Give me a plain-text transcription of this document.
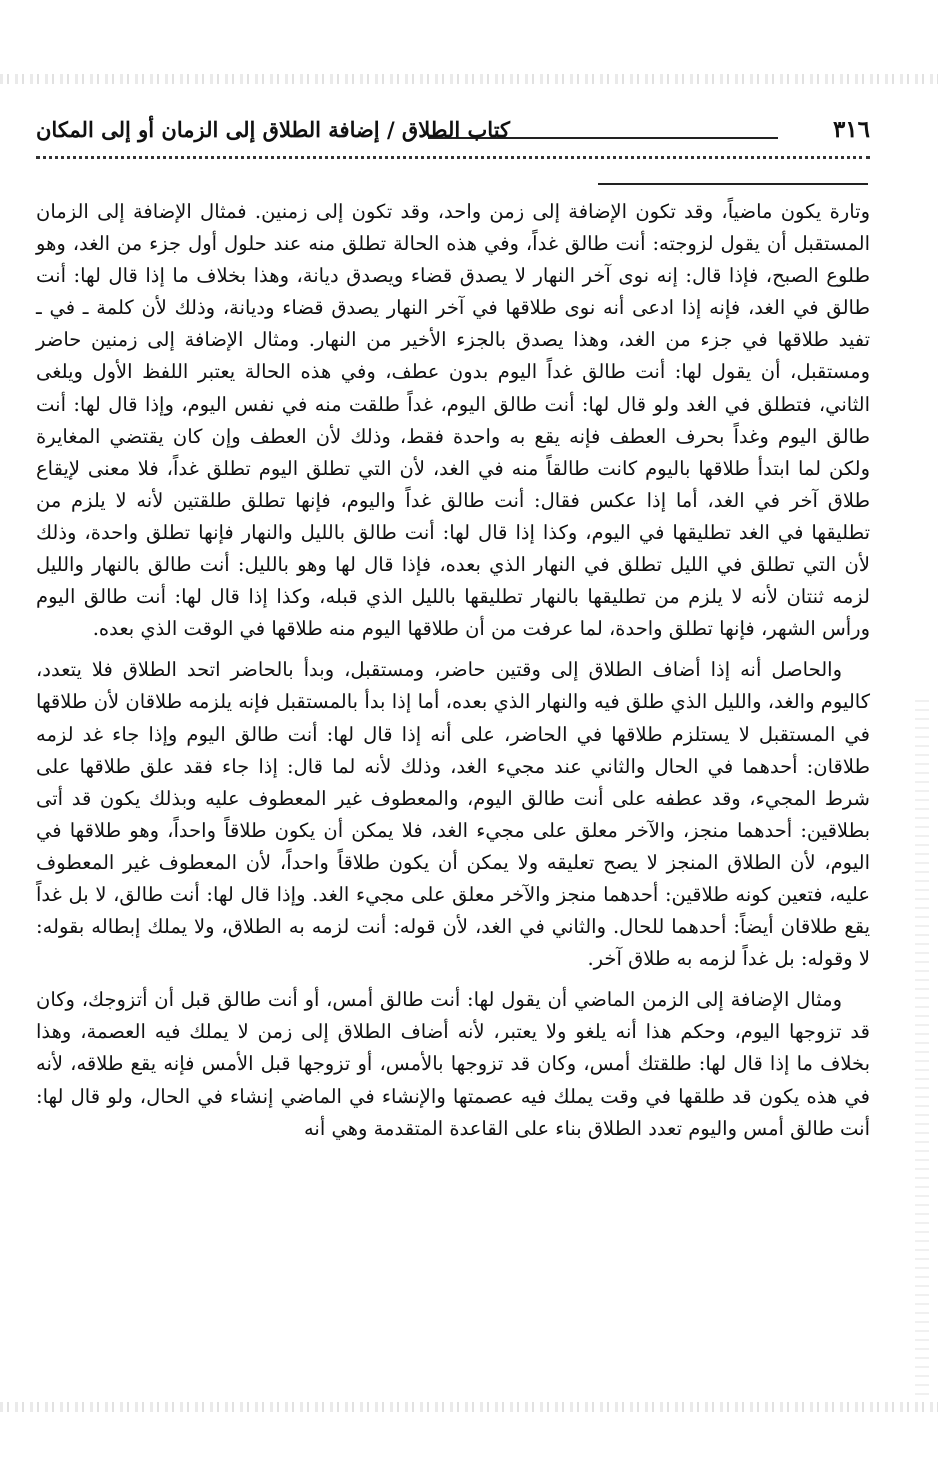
٣١٦
كتاب الطلاق / إضافة الطلاق إلى الزمان أو إلى المكان

وتارة يكون ماضياً، وقد تكون الإضافة إلى زمن واحد، وقد تكون إلى زمنين. فمثال الإضافة إلى الزمان المستقبل أن يقول لزوجته: أنت طالق غداً، وفي هذه الحالة تطلق منه عند حلول أول جزء من الغد، وهو طلوع الصبح، فإذا قال: إنه نوى آخر النهار لا يصدق قضاء ويصدق ديانة، وهذا بخلاف ما إذا قال لها: أنت طالق في الغد، فإنه إذا ادعى أنه نوى طلاقها في آخر النهار يصدق قضاء وديانة، وذلك لأن كلمة ـ في ـ تفيد طلاقها في جزء من الغد، وهذا يصدق بالجزء الأخير من النهار. ومثال الإضافة إلى زمنين حاضر ومستقبل، أن يقول لها: أنت طالق غداً اليوم بدون عطف، وفي هذه الحالة يعتبر اللفظ الأول ويلغى الثاني، فتطلق في الغد ولو قال لها: أنت طالق اليوم، غداً طلقت منه في نفس اليوم، وإذا قال لها: أنت طالق اليوم وغداً بحرف العطف فإنه يقع به واحدة فقط، وذلك لأن العطف وإن كان يقتضي المغايرة ولكن لما ابتدأ طلاقها باليوم كانت طالقاً منه في الغد، لأن التي تطلق اليوم تطلق غداً، فلا معنى لإيقاع طلاق آخر في الغد، أما إذا عكس فقال: أنت طالق غداً واليوم، فإنها تطلق طلقتين لأنه لا يلزم من تطليقها في الغد تطليقها في اليوم، وكذا إذا قال لها: أنت طالق بالليل والنهار فإنها تطلق واحدة، وذلك لأن التي تطلق في الليل تطلق في النهار الذي بعده، فإذا قال لها وهو بالليل: أنت طالق بالنهار والليل لزمه ثنتان لأنه لا يلزم من تطليقها بالنهار تطليقها بالليل الذي قبله، وكذا إذا قال لها: أنت طالق اليوم ورأس الشهر، فإنها تطلق واحدة، لما عرفت من أن طلاقها اليوم منه طلاقها في الوقت الذي بعده.

والحاصل أنه إذا أضاف الطلاق إلى وقتين حاضر، ومستقبل، وبدأ بالحاضر اتحد الطلاق فلا يتعدد، كاليوم والغد، والليل الذي طلق فيه والنهار الذي بعده، أما إذا بدأ بالمستقبل فإنه يلزمه طلاقان لأن طلاقها في المستقبل لا يستلزم طلاقها في الحاضر، على أنه إذا قال لها: أنت طالق اليوم وإذا جاء غد لزمه طلاقان: أحدهما في الحال والثاني عند مجيء الغد، وذلك لأنه لما قال: إذا جاء فقد علق طلاقها على شرط المجيء، وقد عطفه على أنت طالق اليوم، والمعطوف غير المعطوف عليه وبذلك يكون قد أتى بطلاقين: أحدهما منجز، والآخر معلق على مجيء الغد، فلا يمكن أن يكون طلاقاً واحداً، وهو طلاقها في اليوم، لأن الطلاق المنجز لا يصح تعليقه ولا يمكن أن يكون طلاقاً واحداً، لأن المعطوف غير المعطوف عليه، فتعين كونه طلاقين: أحدهما منجز والآخر معلق على مجيء الغد. وإذا قال لها: أنت طالق، لا بل غداً يقع طلاقان أيضاً: أحدهما للحال. والثاني في الغد، لأن قوله: أنت لزمه به الطلاق، ولا يملك إبطاله بقوله: لا وقوله: بل غداً لزمه به طلاق آخر.

ومثال الإضافة إلى الزمن الماضي أن يقول لها: أنت طالق أمس، أو أنت طالق قبل أن أتزوجك، وكان قد تزوجها اليوم، وحكم هذا أنه يلغو ولا يعتبر، لأنه أضاف الطلاق إلى زمن لا يملك فيه العصمة، وهذا بخلاف ما إذا قال لها: طلقتك أمس، وكان قد تزوجها بالأمس، أو تزوجها قبل الأمس فإنه يقع طلاقه، لأنه في هذه يكون قد طلقها في وقت يملك فيه عصمتها والإنشاء في الماضي إنشاء في الحال، ولو قال لها: أنت طالق أمس واليوم تعدد الطلاق بناء على القاعدة المتقدمة وهي أنه
